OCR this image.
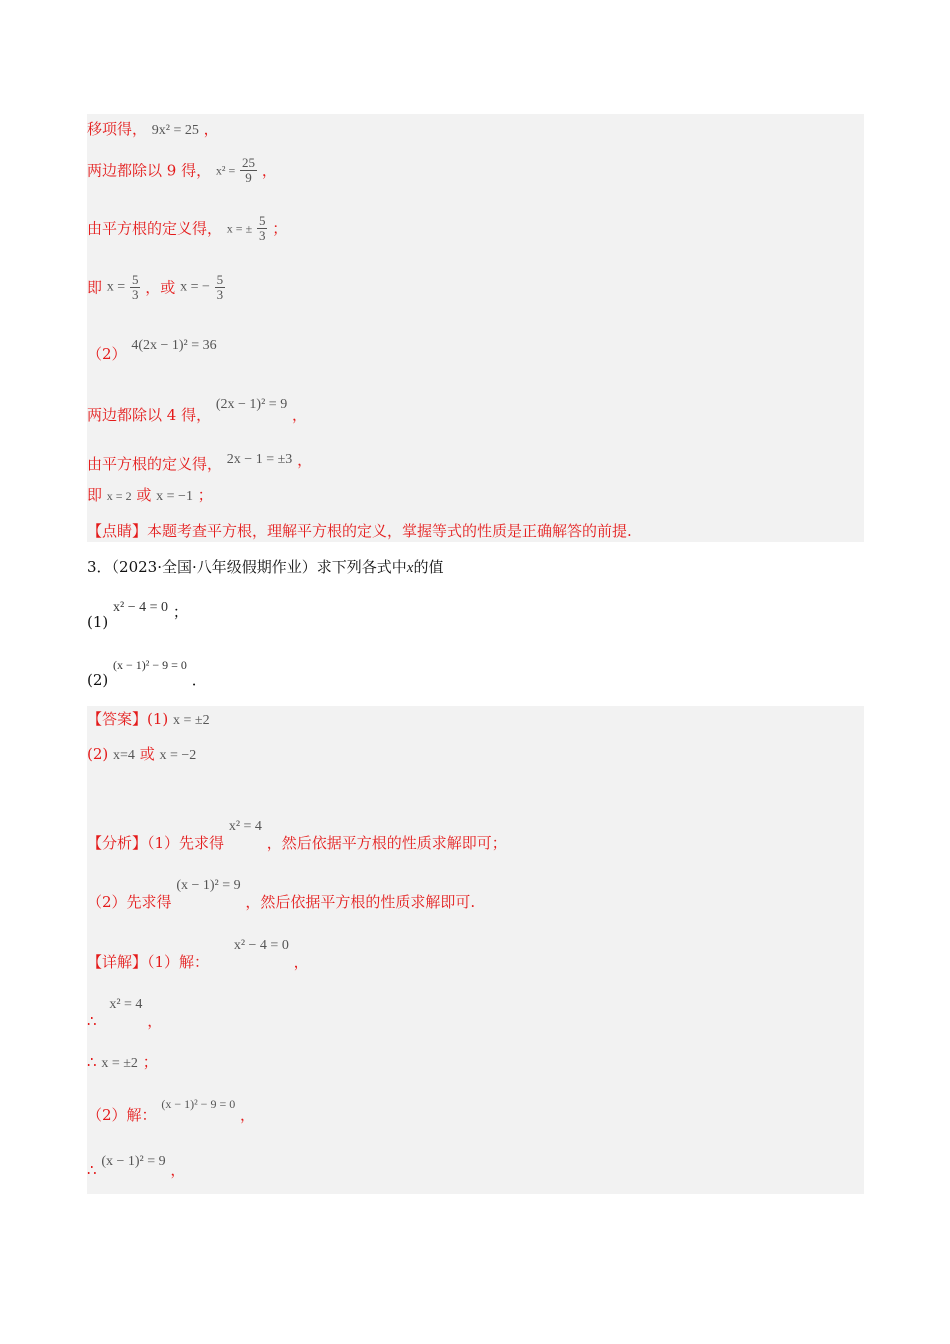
移项得， 9x² = 25 ，
两边都除以 9 得， $x^2 = \frac{25}{9}$ ，
由平方根的定义得， x = ± $\frac{5}{3}$ ；
即 $x = \frac{5}{3}$ ，或 x = − $\frac{5}{3}$
（2） 4(2x − 1)² = 36
两边都除以 4 得， (2x − 1)² = 9 ，
由平方根的定义得， 2x − 1 = ±3 ，
即 x = 2 或 x = −1 ；
【点睛】本题考查平方根，理解平方根的定义，掌握等式的性质是正确解答的前提.
3．（2023·全国·八年级假期作业）求下列各式中x的值
(1) x² − 4 = 0 ；
(2) $^{(x - 1)^2 - 9 = 0}$ ．
【答案】(1) x = ±2
(2) x=4 或 x = −2
【分析】（1）先求得 x² = 4 ，然后依据平方根的性质求解即可；
（2）先求得 (x − 1)² = 9 ，然后依据平方根的性质求解即可.
【详解】（1）解： x² − 4 = 0 ，
∴ x² = 4 ，
∴ x = ±2 ；
（2）解： $^{(x - 1)^2 - 9 = 0}$ ，
∴ (x − 1)² = 9 ，
